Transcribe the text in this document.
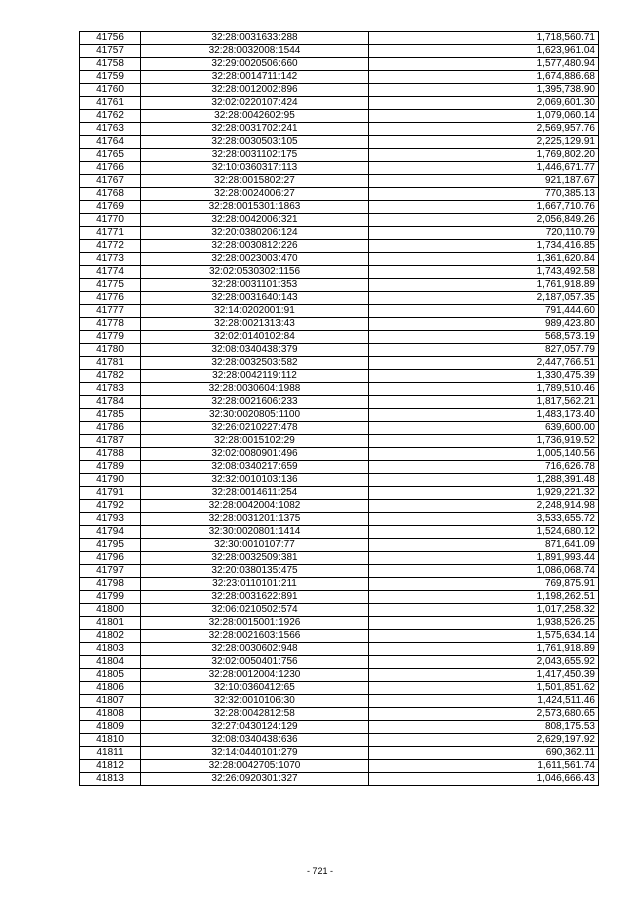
41756	32:28:0031633:288	1,718,560.71
41757	32:28:0032008:1544	1,623,961.04
41758	32:29:0020506:660	1,577,480.94
41759	32:28:0014711:142	1,674,886.68
41760	32:28:0012002:896	1,395,738.90
41761	32:02:0220107:424	2,069,601.30
41762	32:28:0042602:95	1,079,060.14
41763	32:28:0031702:241	2,569,957.76
41764	32:28:0030503:105	2,225,129.91
41765	32:28:0031102:175	1,769,802.20
41766	32:10:0360317:113	1,446,671.77
41767	32:28:0015802:27	921,187.67
41768	32:28:0024006:27	770,385.13
41769	32:28:0015301:1863	1,667,710.76
41770	32:28:0042006:321	2,056,849.26
41771	32:20:0380206:124	720,110.79
41772	32:28:0030812:226	1,734,416.85
41773	32:28:0023003:470	1,361,620.84
41774	32:02:0530302:1156	1,743,492.58
41775	32:28:0031101:353	1,761,918.89
41776	32:28:0031640:143	2,187,057.35
41777	32:14:0202001:91	791,444.60
41778	32:28:0021313:43	989,423.80
41779	32:02:0140102:84	568,573.19
41780	32:08:0340438:379	827,057.79
41781	32:28:0032503:582	2,447,766.51
41782	32:28:0042119:112	1,330,475.39
41783	32:28:0030604:1988	1,789,510.46
41784	32:28:0021606:233	1,817,562.21
41785	32:30:0020805:1100	1,483,173.40
41786	32:26:0210227:478	639,600.00
41787	32:28:0015102:29	1,736,919.52
41788	32:02:0080901:496	1,005,140.56
41789	32:08:0340217:659	716,626.78
41790	32:32:0010103:136	1,288,391.48
41791	32:28:0014611:254	1,929,221.32
41792	32:28:0042004:1082	2,248,914.98
41793	32:28:0031201:1375	3,533,655.72
41794	32:30:0020801:1414	1,524,680.12
41795	32:30:0010107:77	871,641.09
41796	32:28:0032509:381	1,891,993.44
41797	32:20:0380135:475	1,086,068.74
41798	32:23:0110101:211	769,875.91
41799	32:28:0031622:891	1,198,262.51
41800	32:06:0210502:574	1,017,258.32
41801	32:28:0015001:1926	1,938,526.25
41802	32:28:0021603:1566	1,575,634.14
41803	32:28:0030602:948	1,761,918.89
41804	32:02:0050401:756	2,043,655.92
41805	32:28:0012004:1230	1,417,450.39
41806	32:10:0360412:65	1,501,851.62
41807	32:32:0010106:30	1,424,511.46
41808	32:28:0042812:58	2,573,680.65
41809	32:27:0430124:129	808,175.53
41810	32:08:0340438:636	2,629,197.92
41811	32:14:0440101:279	690,362.11
41812	32:28:0042705:1070	1,611,561.74
41813	32:26:0920301:327	1,046,666.43
- 721 -
